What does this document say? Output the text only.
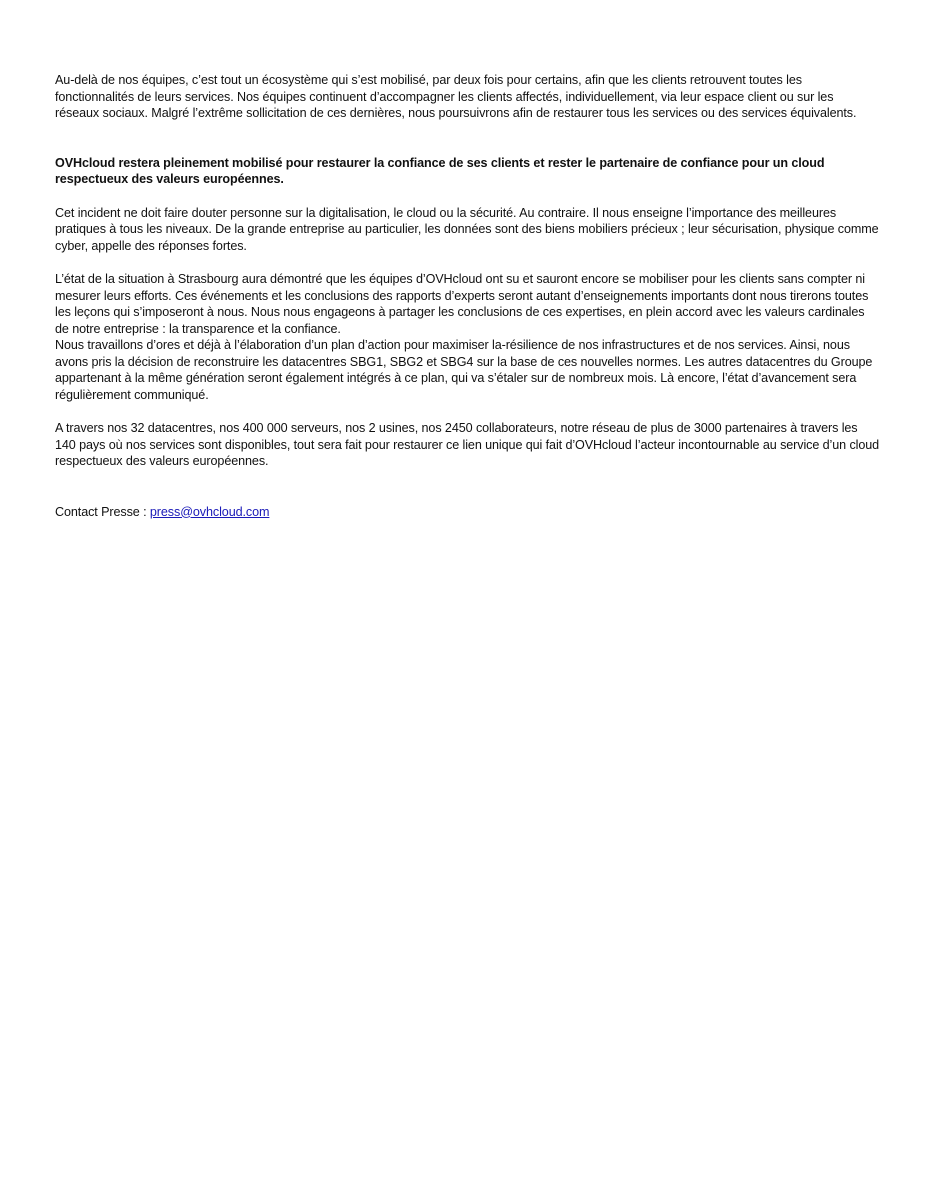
Au-delà de nos équipes, c’est tout un écosystème qui s’est mobilisé, par deux fois pour certains, afin que les clients retrouvent toutes les fonctionnalités de leurs services. Nos équipes continuent d’accompagner les clients affectés, individuellement, via leur espace client ou sur les réseaux sociaux. Malgré l’extrême sollicitation de ces dernières, nous poursuivrons afin de restaurer tous les services ou des services équivalents.

OVHcloud restera pleinement mobilisé pour restaurer la confiance de ses clients et rester le partenaire de confiance pour un cloud respectueux des valeurs européennes.

Cet incident ne doit faire douter personne sur la digitalisation, le cloud ou la sécurité. Au contraire. Il nous enseigne l’importance des meilleures pratiques à tous les niveaux. De la grande entreprise au particulier, les données sont des biens mobiliers précieux ; leur sécurisation, physique comme cyber, appelle des réponses fortes.

L’état de la situation à Strasbourg aura démontré que les équipes d’OVHcloud ont su et sauront encore se mobiliser pour les clients sans compter ni mesurer leurs efforts. Ces événements et les conclusions des rapports d’experts seront autant d’enseignements importants dont nous tirerons toutes les leçons qui s’imposeront à nous. Nous nous engageons à partager les conclusions de ces expertises, en plein accord avec les valeurs cardinales de notre entreprise : la transparence et la confiance.

Nous travaillons d’ores et déjà à l’élaboration d’un plan d’action pour maximiser la-résilience de nos infrastructures et de nos services. Ainsi, nous avons pris la décision de reconstruire les datacentres SBG1, SBG2 et SBG4 sur la base de ces nouvelles normes. Les autres datacentres du Groupe appartenant à la même génération seront également intégrés à ce plan, qui va s’étaler sur de nombreux mois. Là encore, l’état d’avancement sera régulièrement communiqué.

A travers nos 32 datacentres, nos 400 000 serveurs, nos 2 usines, nos 2450 collaborateurs, notre réseau de plus de 3000 partenaires à travers les 140 pays où nos services sont disponibles, tout sera fait pour restaurer ce lien unique qui fait d’OVHcloud l’acteur incontournable au service d’un cloud respectueux des valeurs européennes.

Contact Presse : press@ovhcloud.com
